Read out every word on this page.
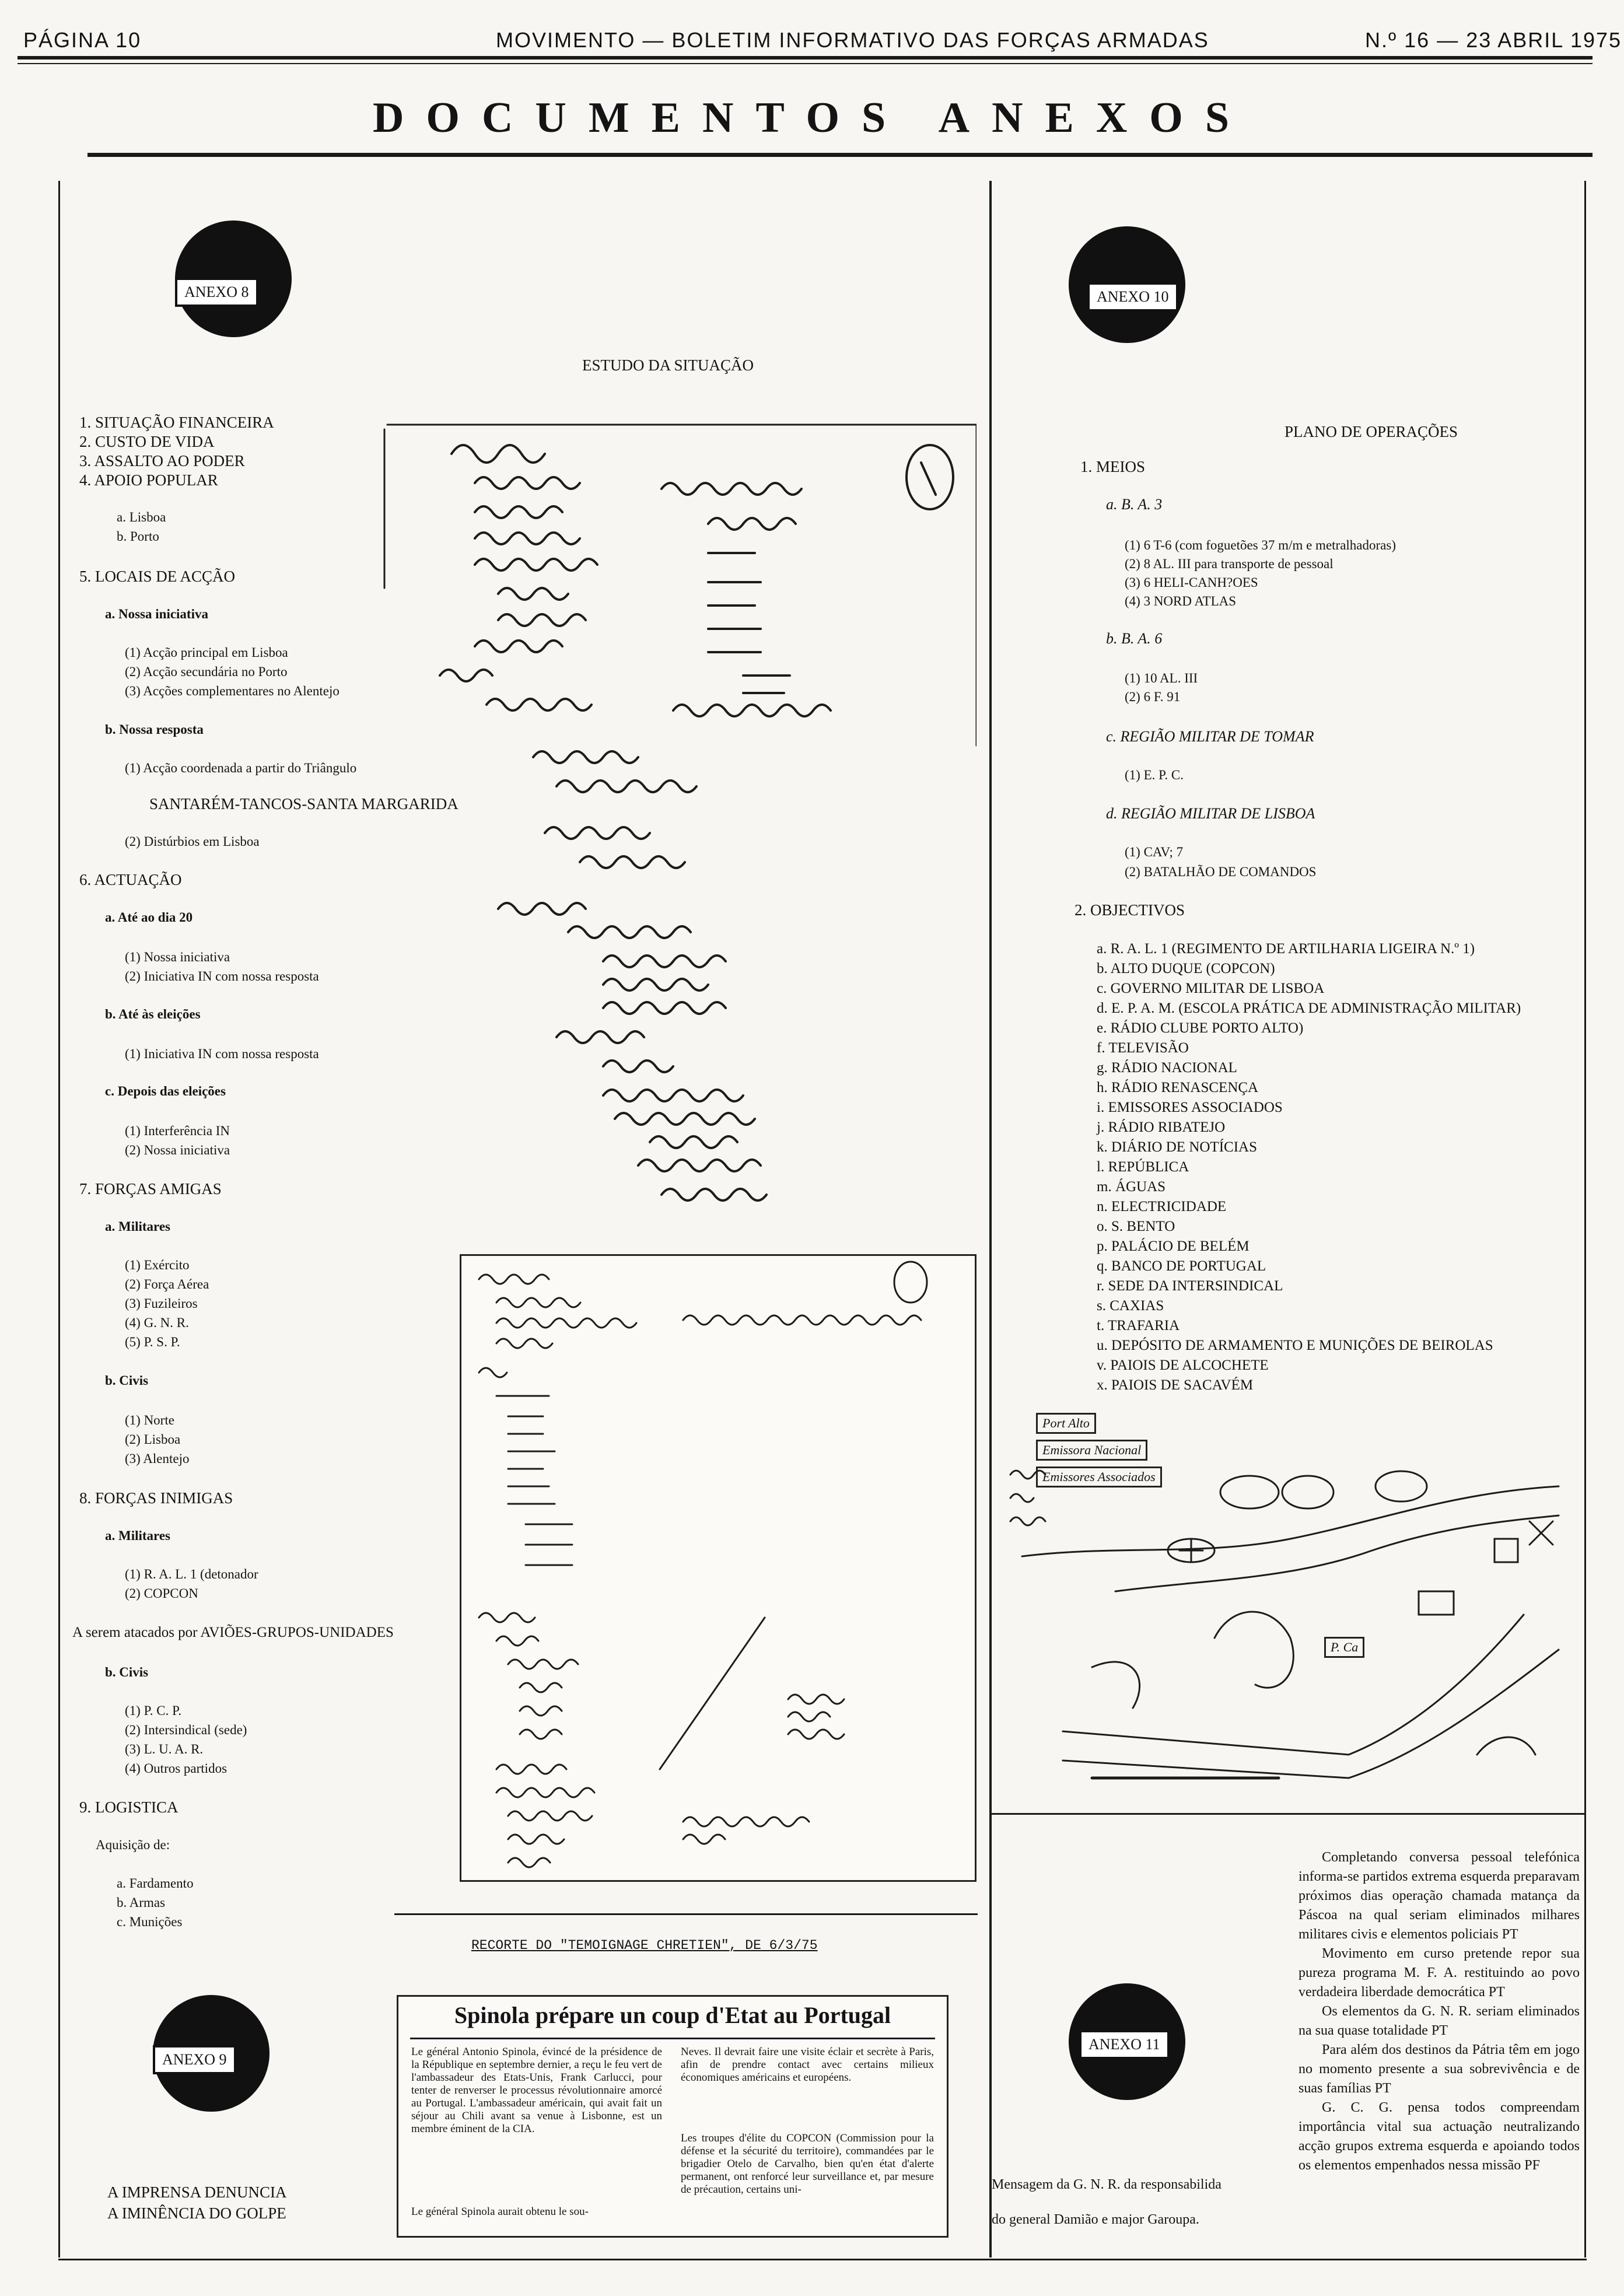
PÁGINA 10	MOVIMENTO — BOLETIM INFORMATIVO DAS FORÇAS ARMADAS	N.º 16 — 23 ABRIL 1975
DOCUMENTOS ANEXOS
ANEXO 8
ESTUDO DA SITUAÇÃO
1. SITUAÇÃO FINANCEIRA
2. CUSTO DE VIDA
3. ASSALTO AO PODER
4. APOIO POPULAR
a. Lisboa
b. Porto
5. LOCAIS DE ACÇÃO
a. Nossa iniciativa
(1) Acção principal em Lisboa
(2) Acção secundária no Porto
(3) Acções complementares no Alentejo
b. Nossa resposta
(1) Acção coordenada a partir do Triângulo
SANTARÉM-TANCOS-SANTA MARGARIDA
(2) Distúrbios em Lisboa
6. ACTUAÇÃO
a. Até ao dia 20
(1) Nossa iniciativa
(2) Iniciativa IN com nossa resposta
b. Até às eleições
(1) Iniciativa IN com nossa resposta
c. Depois das eleições
(1) Interferência IN
(2) Nossa iniciativa
7. FORÇAS AMIGAS
a. Militares
(1) Exército
(2) Força Aérea
(3) Fuzileiros
(4) G. N. R.
(5) P. S. P.
b. Civis
(1) Norte
(2) Lisboa
(3) Alentejo
8. FORÇAS INIMIGAS
a. Militares
(1) R. A. L. 1 (detonador
(2) COPCON
A serem atacados por AVIÕES-GRUPOS-UNIDADES
b. Civis
(1) P. C. P.
(2) Intersindical (sede)
(3) L. U. A. R.
(4) Outros partidos
9. LOGISTICA
Aquisição de:
a. Fardamento
b. Armas
c. Munições
ANEXO 9
A IMPRENSA DENUNCIA
A IMINÊNCIA DO GOLPE
RECORTE DO "TEMOIGNAGE CHRETIEN", DE 6/3/75
Spinola prépare un coup d'Etat au Portugal
Le général Antonio Spinola, évincé de la présidence de la République en septembre dernier, a reçu le feu vert de l'ambassadeur des Etats-Unis, Frank Carlucci, pour tenter de renverser le processus révolutionnaire amorcé au Portugal. L'ambassadeur américain, qui avait fait un séjour au Chili avant sa venue à Lisbonne, est un membre éminent de la CIA.
Le général Spinola aurait obtenu le sou-
Neves. Il devrait faire une visite éclair et secrète à Paris, afin de prendre contact avec certains milieux économiques américains et européens.
Les troupes d'élite du COPCON (Commission pour la défense et la sécurité du territoire), commandées par le brigadier Otelo de Carvalho, bien qu'en état d'alerte permanent, ont renforcé leur surveillance et, par mesure de précaution, certains uni-
ANEXO 10
PLANO DE OPERAÇÕES
1. MEIOS
a. B. A. 3
(1) 6 T-6 (com foguetões 37 m/m e metralhadoras)
(2) 8 AL. III para transporte de pessoal
(3) 6 HELI-CANH?OES
(4) 3 NORD ATLAS
b. B. A. 6
(1) 10 AL. III
(2) 6 F. 91
c. REGIÃO MILITAR DE TOMAR
(1) E. P. C.
d. REGIÃO MILITAR DE LISBOA
(1) CAV; 7
(2) BATALHÃO DE COMANDOS
2. OBJECTIVOS
a. R. A. L. 1 (REGIMENTO DE ARTILHARIA LIGEIRA N.º 1)
b. ALTO DUQUE (COPCON)
c. GOVERNO MILITAR DE LISBOA
d. E. P. A. M. (ESCOLA PRÁTICA DE ADMINISTRAÇÃO MILITAR)
e. RÁDIO CLUBE PORTO ALTO)
f. TELEVISÃO
g. RÁDIO NACIONAL
h. RÁDIO RENASCENÇA
i. EMISSORES ASSOCIADOS
j. RÁDIO RIBATEJO
k. DIÁRIO DE NOTÍCIAS
l. REPÚBLICA
m. ÁGUAS
n. ELECTRICIDADE
o. S. BENTO
p. PALÁCIO DE BELÉM
q. BANCO DE PORTUGAL
r. SEDE DA INTERSINDICAL
s. CAXIAS
t. TRAFARIA
u. DEPÓSITO DE ARMAMENTO E MUNIÇÕES DE BEIROLAS
v. PAIOIS DE ALCOCHETE
x. PAIOIS DE SACAVÉM
Port Alto
Emissora Nacional
Emissores Associados
P. Ca
ANEXO 11
Mensagem da G. N. R. da responsabilida
do general Damião e major Garoupa.

Completando conversa pessoal telefónica informa-se partidos extrema esquerda preparavam próximos dias operação chamada matança da Páscoa na qual seriam eliminados milhares militares civis e elementos policiais PT

Movimento em curso pretende repor sua pureza programa M. F. A. restituindo ao povo verdadeira liberdade democrática PT

Os elementos da G. N. R. seriam eliminados na sua quase totalidade PT

Para além dos destinos da Pátria têm em jogo no momento presente a sua sobrevivência e de suas famílias PT

G. C. G. pensa todos compreendam importância vital sua actuação neutralizando acção grupos extrema esquerda e apoiando todos os elementos empenhados nessa missão PF
